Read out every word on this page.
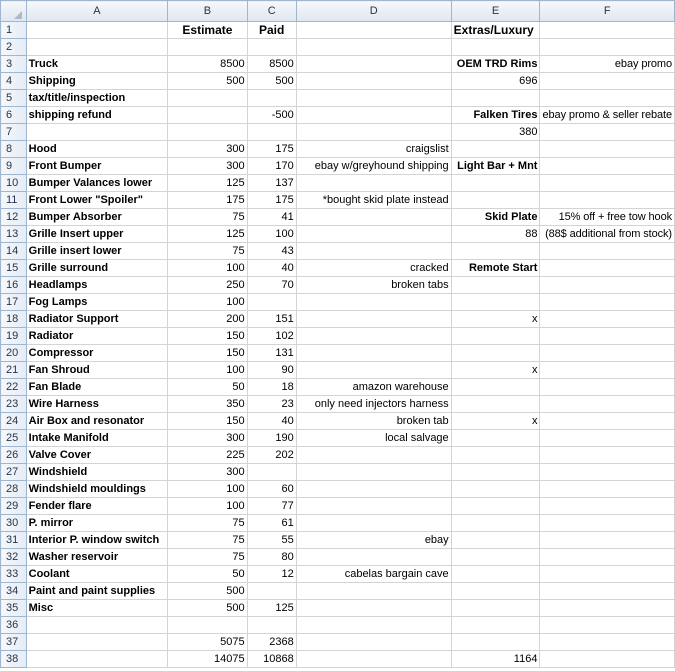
	A	B	C	D	E	F
1		Estimate	Paid		Extras/Luxury	
2						
3	Truck	8500	8500		OEM TRD Rims	ebay promo
4	Shipping	500	500		696	
5	tax/title/inspection					
6	shipping refund		-500		Falken Tires	ebay promo & seller rebate
7					380	
8	Hood	300	175	craigslist		
9	Front Bumper	300	170	ebay w/greyhound shipping	Light Bar + Mnt	
10	Bumper Valances lower	125	137			
11	Front Lower "Spoiler"	175	175	*bought skid plate instead		
12	Bumper Absorber	75	41		Skid Plate	15% off + free tow hook
13	Grille Insert upper	125	100		88	(88$ additional from stock)
14	Grille insert lower	75	43			
15	Grille surround	100	40	cracked	Remote Start	
16	Headlamps	250	70	broken tabs		
17	Fog Lamps	100				
18	Radiator Support	200	151		x	
19	Radiator	150	102			
20	Compressor	150	131			
21	Fan Shroud	100	90		x	
22	Fan Blade	50	18	amazon warehouse		
23	Wire Harness	350	23	only need injectors harness		
24	Air Box and resonator	150	40	broken tab	x	
25	Intake Manifold	300	190	local salvage		
26	Valve Cover	225	202			
27	Windshield	300				
28	Windshield mouldings	100	60			
29	Fender flare	100	77			
30	P. mirror	75	61			
31	Interior P. window switch	75	55	ebay		
32	Washer reservoir	75	80			
33	Coolant	50	12	cabelas bargain cave		
34	Paint and paint supplies	500				
35	Misc	500	125			
36						
37		5075	2368			
38		14075	10868		1164	
